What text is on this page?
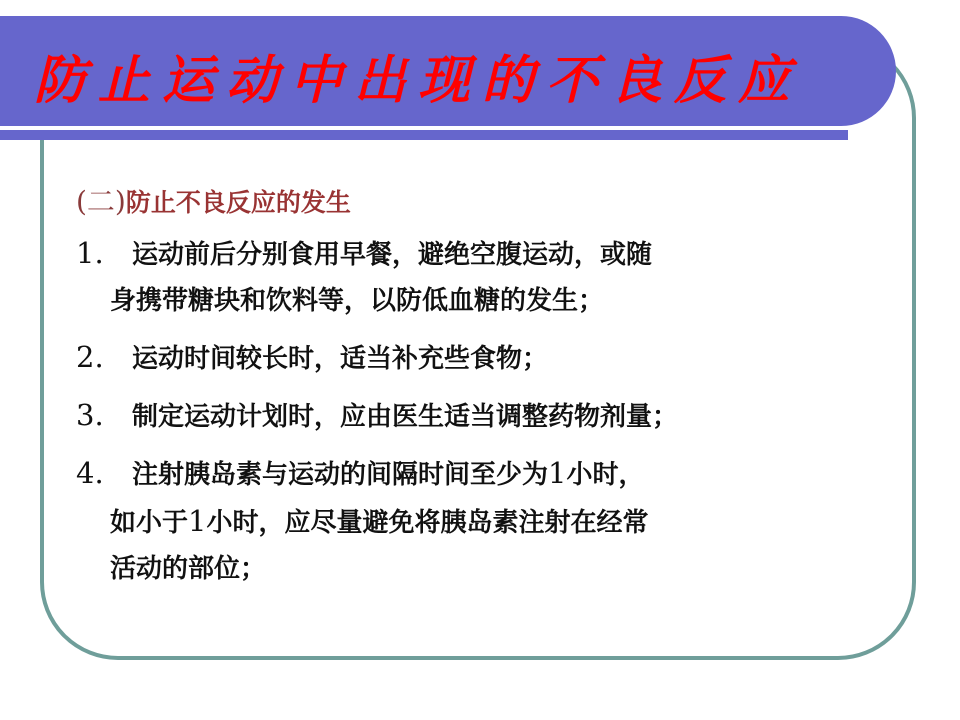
防止运动中出现的不良反应
(二)防止不良反应的发生
1. 运动前后分别食用早餐，避绝空腹运动，或随
身携带糖块和饮料等，以防低血糖的发生；
2. 运动时间较长时，适当补充些食物；
3. 制定运动计划时，应由医生适当调整药物剂量；
4. 注射胰岛素与运动的间隔时间至少为1小时，
如小于1小时，应尽量避免将胰岛素注射在经常
活动的部位；
